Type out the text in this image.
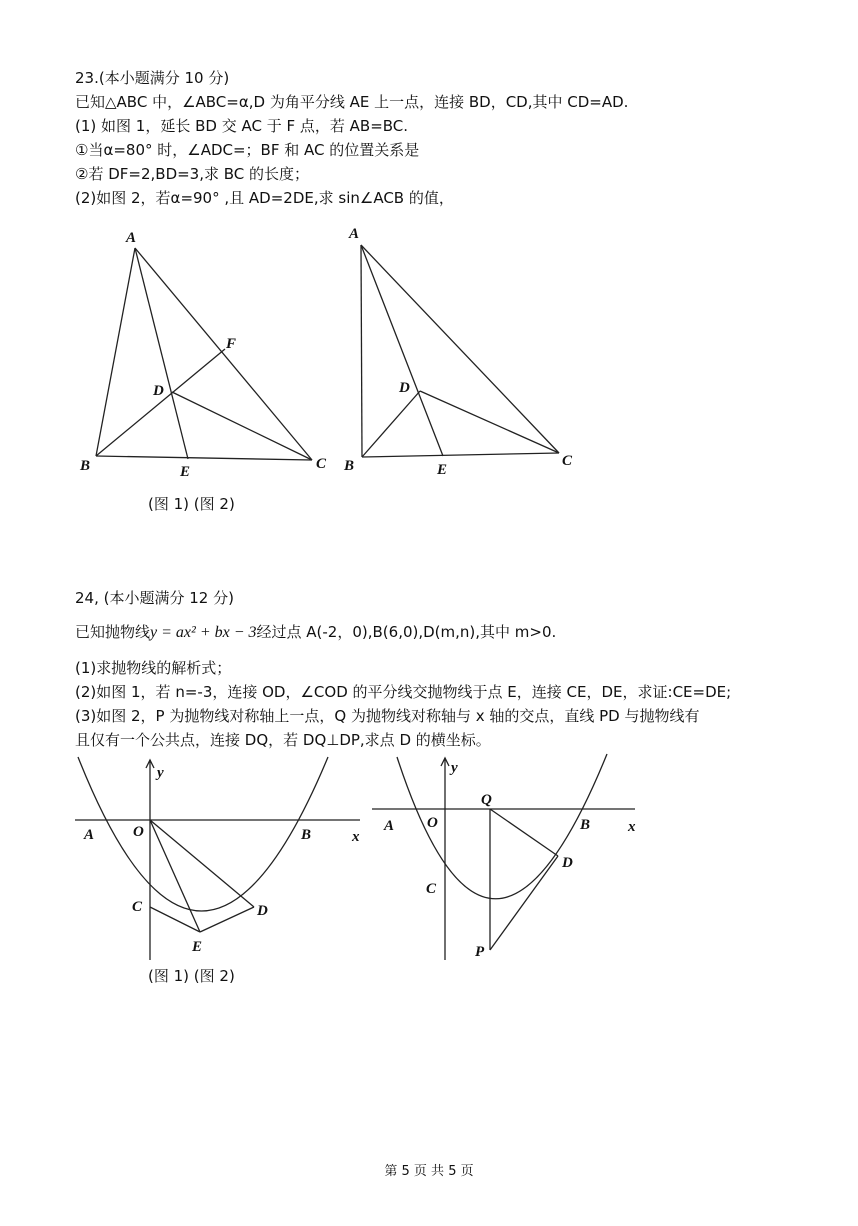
23.(本小题满分 10 分)
已知△ABC 中，∠ABC=α,D 为角平分线 AE 上一点，连接 BD，CD,其中 CD=AD.
(1) 如图 1，延长 BD 交 AC 于 F 点，若 AB=BC.
①当α=80° 时，∠ADC=；BF 和 AC 的位置关系是
②若 DF=2,BD=3,求 BC 的长度；
(2)如图 2，若α=90° ,且 AD=2DE,求 sin∠ACB 的值，
A
B	C
D
E
F
A
B	C
D
E
(图 1) (图 2)
24, (本小题满分 12 分)
已知抛物线y = ax² + bx − 3经过点 A(-2，0),B(6,0),D(m,n),其中 m>0.
(1)求抛物线的解析式；
(2)如图 1，若 n=-3，连接 OD，∠COD 的平分线交抛物线于点 E，连接 CE，DE，求证:CE=DE;
(3)如图 2，P 为抛物线对称轴上一点，Q 为抛物线对称轴与 x 轴的交点，直线 PD 与抛物线有
且仅有一个公共点，连接 DQ，若 DQ⊥DP,求点 D 的横坐标。
y
x
A	O	B
C	D
E
y
x
A O
Q
B
C
D
P
(图 1) (图 2)
第 5 页 共 5 页
